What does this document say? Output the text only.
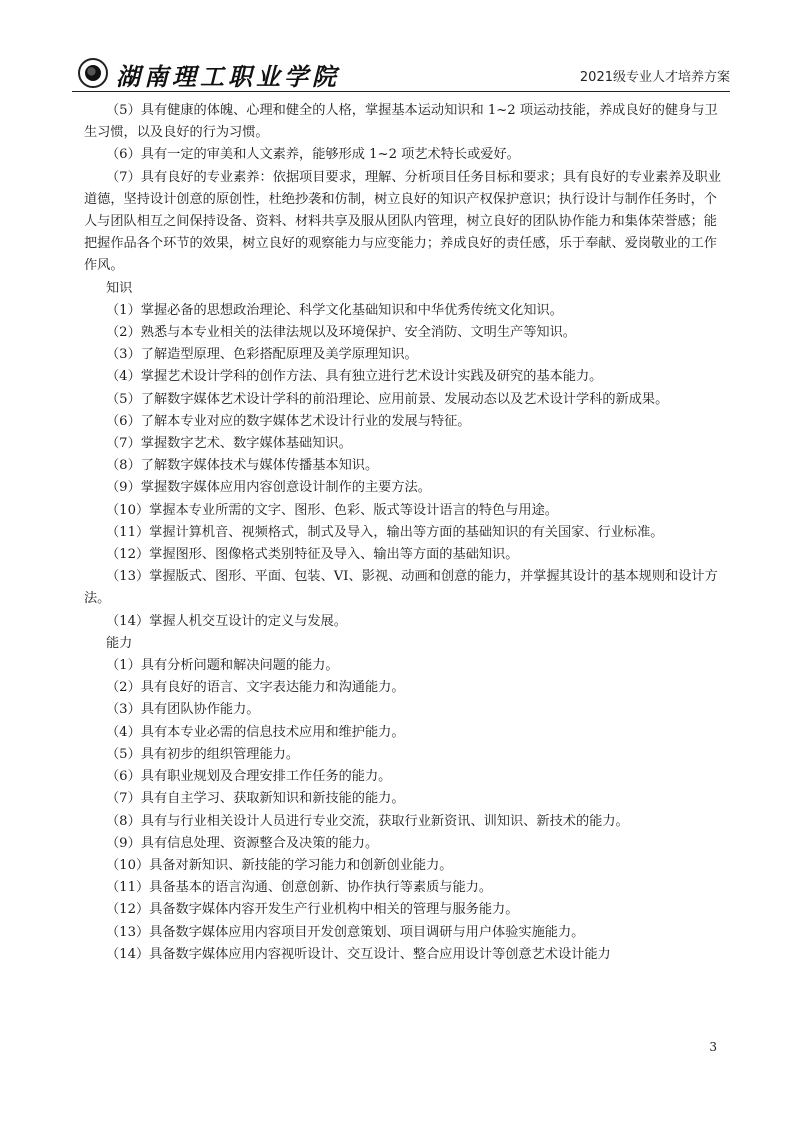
湖南理工职业学院	2021级专业人才培养方案

（5）具有健康的体魄、心理和健全的人格，掌握基本运动知识和 1~2 项运动技能，养成良好的健身与卫生习惯，以及良好的行为习惯。

（6）具有一定的审美和人文素养，能够形成 1~2 项艺术特长或爱好。

（7）具有良好的专业素养：依据项目要求，理解、分析项目任务目标和要求；具有良好的专业素养及职业道德，坚持设计创意的原创性，杜绝抄袭和仿制，树立良好的知识产权保护意识；执行设计与制作任务时，个人与团队相互之间保持设备、资料、材料共享及服从团队内管理，树立良好的团队协作能力和集体荣誉感；能把握作品各个环节的效果，树立良好的观察能力与应变能力；养成良好的责任感，乐于奉献、爱岗敬业的工作作风。

知识

（1）掌握必备的思想政治理论、科学文化基础知识和中华优秀传统文化知识。

（2）熟悉与本专业相关的法律法规以及环境保护、安全消防、文明生产等知识。

（3）了解造型原理、色彩搭配原理及美学原理知识。

（4）掌握艺术设计学科的创作方法、具有独立进行艺术设计实践及研究的基本能力。

（5）了解数字媒体艺术设计学科的前沿理论、应用前景、发展动态以及艺术设计学科的新成果。

（6）了解本专业对应的数字媒体艺术设计行业的发展与特征。

（7）掌握数字艺术、数字媒体基础知识。

（8）了解数字媒体技术与媒体传播基本知识。

（9）掌握数字媒体应用内容创意设计制作的主要方法。

（10）掌握本专业所需的文字、图形、色彩、版式等设计语言的特色与用途。

（11）掌握计算机音、视频格式，制式及导入，输出等方面的基础知识的有关国家、行业标准。

（12）掌握图形、图像格式类别特征及导入、输出等方面的基础知识。

（13）掌握版式、图形、平面、包装、VI、影视、动画和创意的能力，并掌握其设计的基本规则和设计方法。

（14）掌握人机交互设计的定义与发展。

能力

（1）具有分析问题和解决问题的能力。

（2）具有良好的语言、文字表达能力和沟通能力。

（3）具有团队协作能力。

（4）具有本专业必需的信息技术应用和维护能力。

（5）具有初步的组织管理能力。

（6）具有职业规划及合理安排工作任务的能力。

（7）具有自主学习、获取新知识和新技能的能力。

（8）具有与行业相关设计人员进行专业交流，获取行业新资讯、训知识、新技术的能力。

（9）具有信息处理、资源整合及决策的能力。

（10）具备对新知识、新技能的学习能力和创新创业能力。

（11）具备基本的语言沟通、创意创新、协作执行等素质与能力。

（12）具备数字媒体内容开发生产行业机构中相关的管理与服务能力。

（13）具备数字媒体应用内容项目开发创意策划、项目调研与用户体验实施能力。

（14）具备数字媒体应用内容视听设计、交互设计、整合应用设计等创意艺术设计能力

3
